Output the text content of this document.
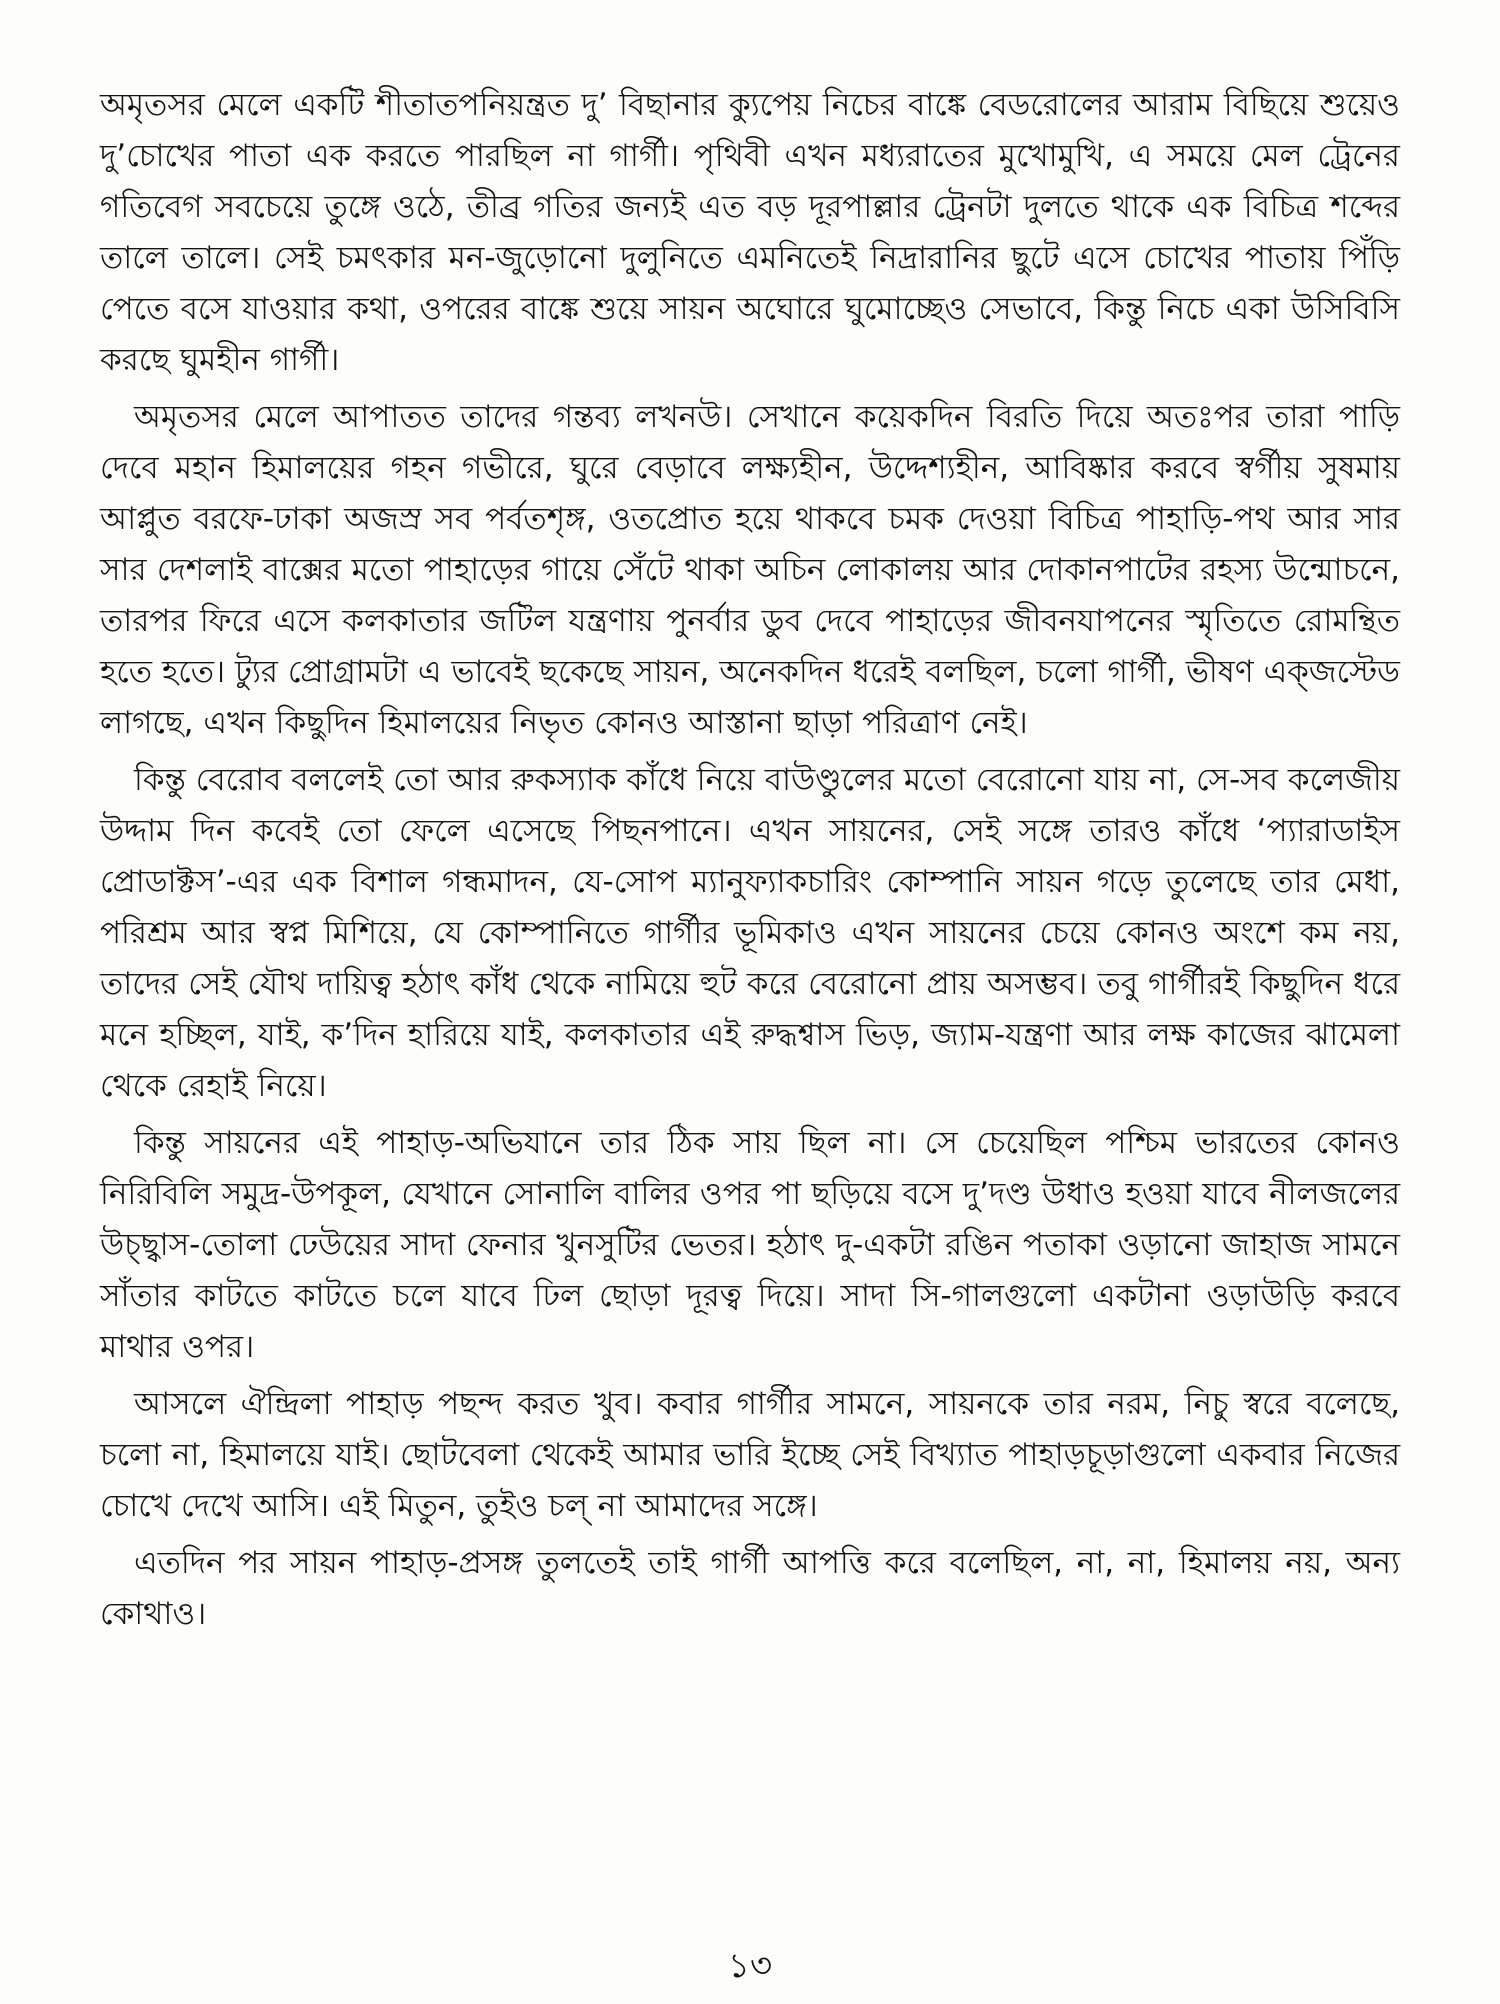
অমৃতসর মেলে একটি শীতাতপনিয়ন্ত্রত দু’ বিছানার ক্যুপেয় নিচের বাঙ্কে বেডরোলের আরাম বিছিয়ে শুয়েও দু’চোখের পাতা এক করতে পারছিল না গার্গী। পৃথিবী এখন মধ্যরাতের মুখোমুখি, এ সময়ে মেল ট্রেনের গতিবেগ সবচেয়ে তুঙ্গে ওঠে, তীব্র গতির জন্যই এত বড় দূরপাল্লার ট্রেনটা দুলতে থাকে এক বিচিত্র শব্দের তালে তালে। সেই চমৎকার মন-জুড়োনো দুলুনিতে এমনিতেই নিদ্রারানির ছুটে এসে চোখের পাতায় পিঁড়ি পেতে বসে যাওয়ার কথা, ওপরের বাঙ্কে শুয়ে সায়ন অঘোরে ঘুমোচ্ছেও সেভাবে, কিন্তু নিচে একা উসিবিসি করছে ঘুমহীন গার্গী।

অমৃতসর মেলে আপাতত তাদের গন্তব্য লখনউ। সেখানে কয়েকদিন বিরতি দিয়ে অতঃপর তারা পাড়ি দেবে মহান হিমালয়ের গহন গভীরে, ঘুরে বেড়াবে লক্ষ্যহীন, উদ্দেশ্যহীন, আবিষ্কার করবে স্বর্গীয় সুষমায় আপ্লুত বরফে-ঢাকা অজস্র সব পর্বতশৃঙ্গ, ওতপ্রোত হয়ে থাকবে চমক দেওয়া বিচিত্র পাহাড়ি-পথ আর সার সার দেশলাই বাক্সের মতো পাহাড়ের গায়ে সেঁটে থাকা অচিন লোকালয় আর দোকানপাটের রহস্য উন্মোচনে, তারপর ফিরে এসে কলকাতার জটিল যন্ত্রণায় পুনর্বার ডুব দেবে পাহাড়ের জীবনযাপনের স্মৃতিতে রোমন্থিত হতে হতে। ট্যুর প্রোগ্রামটা এ ভাবেই ছকেছে সায়ন, অনেকদিন ধরেই বলছিল, চলো গার্গী, ভীষণ এক্‌জস্টেড লাগছে, এখন কিছুদিন হিমালয়ের নিভৃত কোনও আস্তানা ছাড়া পরিত্রাণ নেই।

কিন্তু বেরোব বললেই তো আর রুকস্যাক কাঁধে নিয়ে বাউণ্ডুলের মতো বেরোনো যায় না, সে-সব কলেজীয় উদ্দাম দিন কবেই তো ফেলে এসেছে পিছনপানে। এখন সায়নের, সেই সঙ্গে তারও কাঁধে ‘প্যারাডাইস প্রোডাক্টস’-এর এক বিশাল গন্ধমাদন, যে-সোপ ম্যানুফ্যাকচারিং কোম্পানি সায়ন গড়ে তুলেছে তার মেধা, পরিশ্রম আর স্বপ্ন মিশিয়ে, যে কোম্পানিতে গার্গীর ভূমিকাও এখন সায়নের চেয়ে কোনও অংশে কম নয়, তাদের সেই যৌথ দায়িত্ব হঠাৎ কাঁধ থেকে নামিয়ে হুট করে বেরোনো প্রায় অসম্ভব। তবু গার্গীরই কিছুদিন ধরে মনে হচ্ছিল, যাই, ক’দিন হারিয়ে যাই, কলকাতার এই রুদ্ধশ্বাস ভিড়, জ্যাম-যন্ত্রণা আর লক্ষ কাজের ঝামেলা থেকে রেহাই নিয়ে।

কিন্তু সায়নের এই পাহাড়-অভিযানে তার ঠিক সায় ছিল না। সে চেয়েছিল পশ্চিম ভারতের কোনও নিরিবিলি সমুদ্র-উপকূল, যেখানে সোনালি বালির ওপর পা ছড়িয়ে বসে দু’দণ্ড উধাও হওয়া যাবে নীলজলের উচ্ছ্বাস-তোলা ঢেউয়ের সাদা ফেনার খুনসুটির ভেতর। হঠাৎ দু-একটা রঙিন পতাকা ওড়ানো জাহাজ সামনে সাঁতার কাটতে কাটতে চলে যাবে ঢিল ছোড়া দূরত্ব দিয়ে। সাদা সি-গালগুলো একটানা ওড়াউড়ি করবে মাথার ওপর।

আসলে ঐন্দ্রিলা পাহাড় পছন্দ করত খুব। কবার গার্গীর সামনে, সায়নকে তার নরম, নিচু স্বরে বলেছে, চলো না, হিমালয়ে যাই। ছোটবেলা থেকেই আমার ভারি ইচ্ছে সেই বিখ্যাত পাহাড়চূড়াগুলো একবার নিজের চোখে দেখে আসি। এই মিতুন, তুইও চল্‌ না আমাদের সঙ্গে।

এতদিন পর সায়ন পাহাড়-প্রসঙ্গ তুলতেই তাই গার্গী আপত্তি করে বলেছিল, না, না, হিমালয় নয়, অন্য কোথাও।

১৩
